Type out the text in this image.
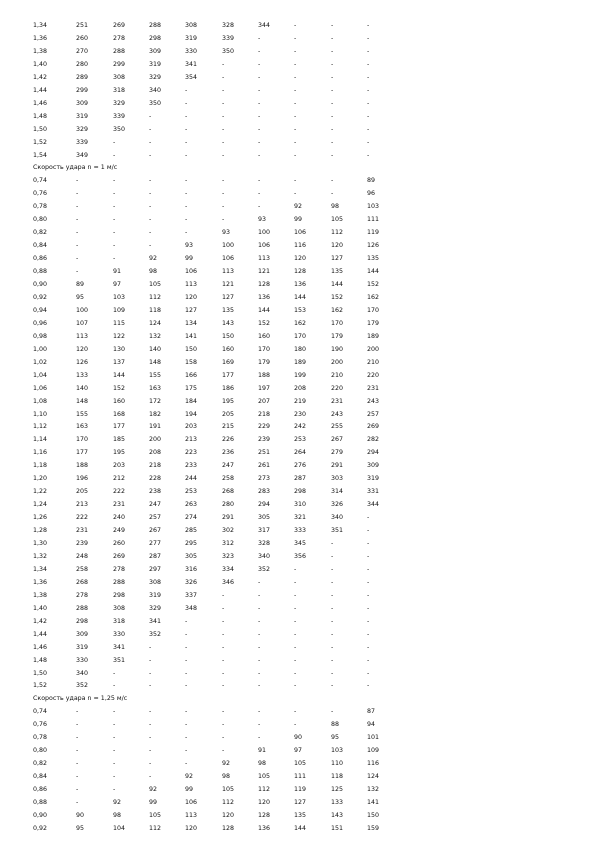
1,34	251	269	288	308	328	344	-	-	-
1,36	260	278	298	319	339	-	-	-	-
1,38	270	288	309	330	350	-	-	-	-
1,40	280	299	319	341	-	-	-	-	-
1,42	289	308	329	354	-	-	-	-	-
1,44	299	318	340	-	-	-	-	-	-
1,46	309	329	350	-	-	-	-	-	-
1,48	319	339	-	-	-	-	-	-	-
1,50	329	350	-	-	-	-	-	-	-
1,52	339	-	-	-	-	-	-	-	-
1,54	349	-	-	-	-	-	-	-	-
Скорость удара n = 1 м/с
0,74	-	-	-	-	-	-	-	-	89
0,76	-	-	-	-	-	-	-	-	96
0,78	-	-	-	-	-	-	92	98	103
0,80	-	-	-	-	-	93	99	105	111
0,82	-	-	-	-	93	100	106	112	119
0,84	-	-	-	93	100	106	116	120	126
0,86	-	-	92	99	106	113	120	127	135
0,88	-	91	98	106	113	121	128	135	144
0,90	89	97	105	113	121	128	136	144	152
0,92	95	103	112	120	127	136	144	152	162
0,94	100	109	118	127	135	144	153	162	170
0,96	107	115	124	134	143	152	162	170	179
0,98	113	122	132	141	150	160	170	179	189
1,00	120	130	140	150	160	170	180	190	200
1,02	126	137	148	158	169	179	189	200	210
1,04	133	144	155	166	177	188	199	210	220
1,06	140	152	163	175	186	197	208	220	231
1,08	148	160	172	184	195	207	219	231	243
1,10	155	168	182	194	205	218	230	243	257
1,12	163	177	191	203	215	229	242	255	269
1,14	170	185	200	213	226	239	253	267	282
1,16	177	195	208	223	236	251	264	279	294
1,18	188	203	218	233	247	261	276	291	309
1,20	196	212	228	244	258	273	287	303	319
1,22	205	222	238	253	268	283	298	314	331
1,24	213	231	247	263	280	294	310	326	344
1,26	222	240	257	274	291	305	321	340	-
1,28	231	249	267	285	302	317	333	351	-
1,30	239	260	277	295	312	328	345	-	-
1,32	248	269	287	305	323	340	356	-	-
1,34	258	278	297	316	334	352	-	-	-
1,36	268	288	308	326	346	-	-	-	-
1,38	278	298	319	337	-	-	-	-	-
1,40	288	308	329	348	-	-	-	-	-
1,42	298	318	341	-	-	-	-	-	-
1,44	309	330	352	-	-	-	-	-	-
1,46	319	341	-	-	-	-	-	-	-
1,48	330	351	-	-	-	-	-	-	-
1,50	340	-	-	-	-	-	-	-	-
1,52	352	-	-	-	-	-	-	-	-
Скорость удара n = 1,25 м/с
0,74	-	-	-	-	-	-	-	-	87
0,76	-	-	-	-	-	-	-	88	94
0,78	-	-	-	-	-	-	90	95	101
0,80	-	-	-	-	-	91	97	103	109
0,82	-	-	-	-	92	98	105	110	116
0,84	-	-	-	92	98	105	111	118	124
0,86	-	-	92	99	105	112	119	125	132
0,88	-	92	99	106	112	120	127	133	141
0,90	90	98	105	113	120	128	135	143	150
0,92	95	104	112	120	128	136	144	151	159
